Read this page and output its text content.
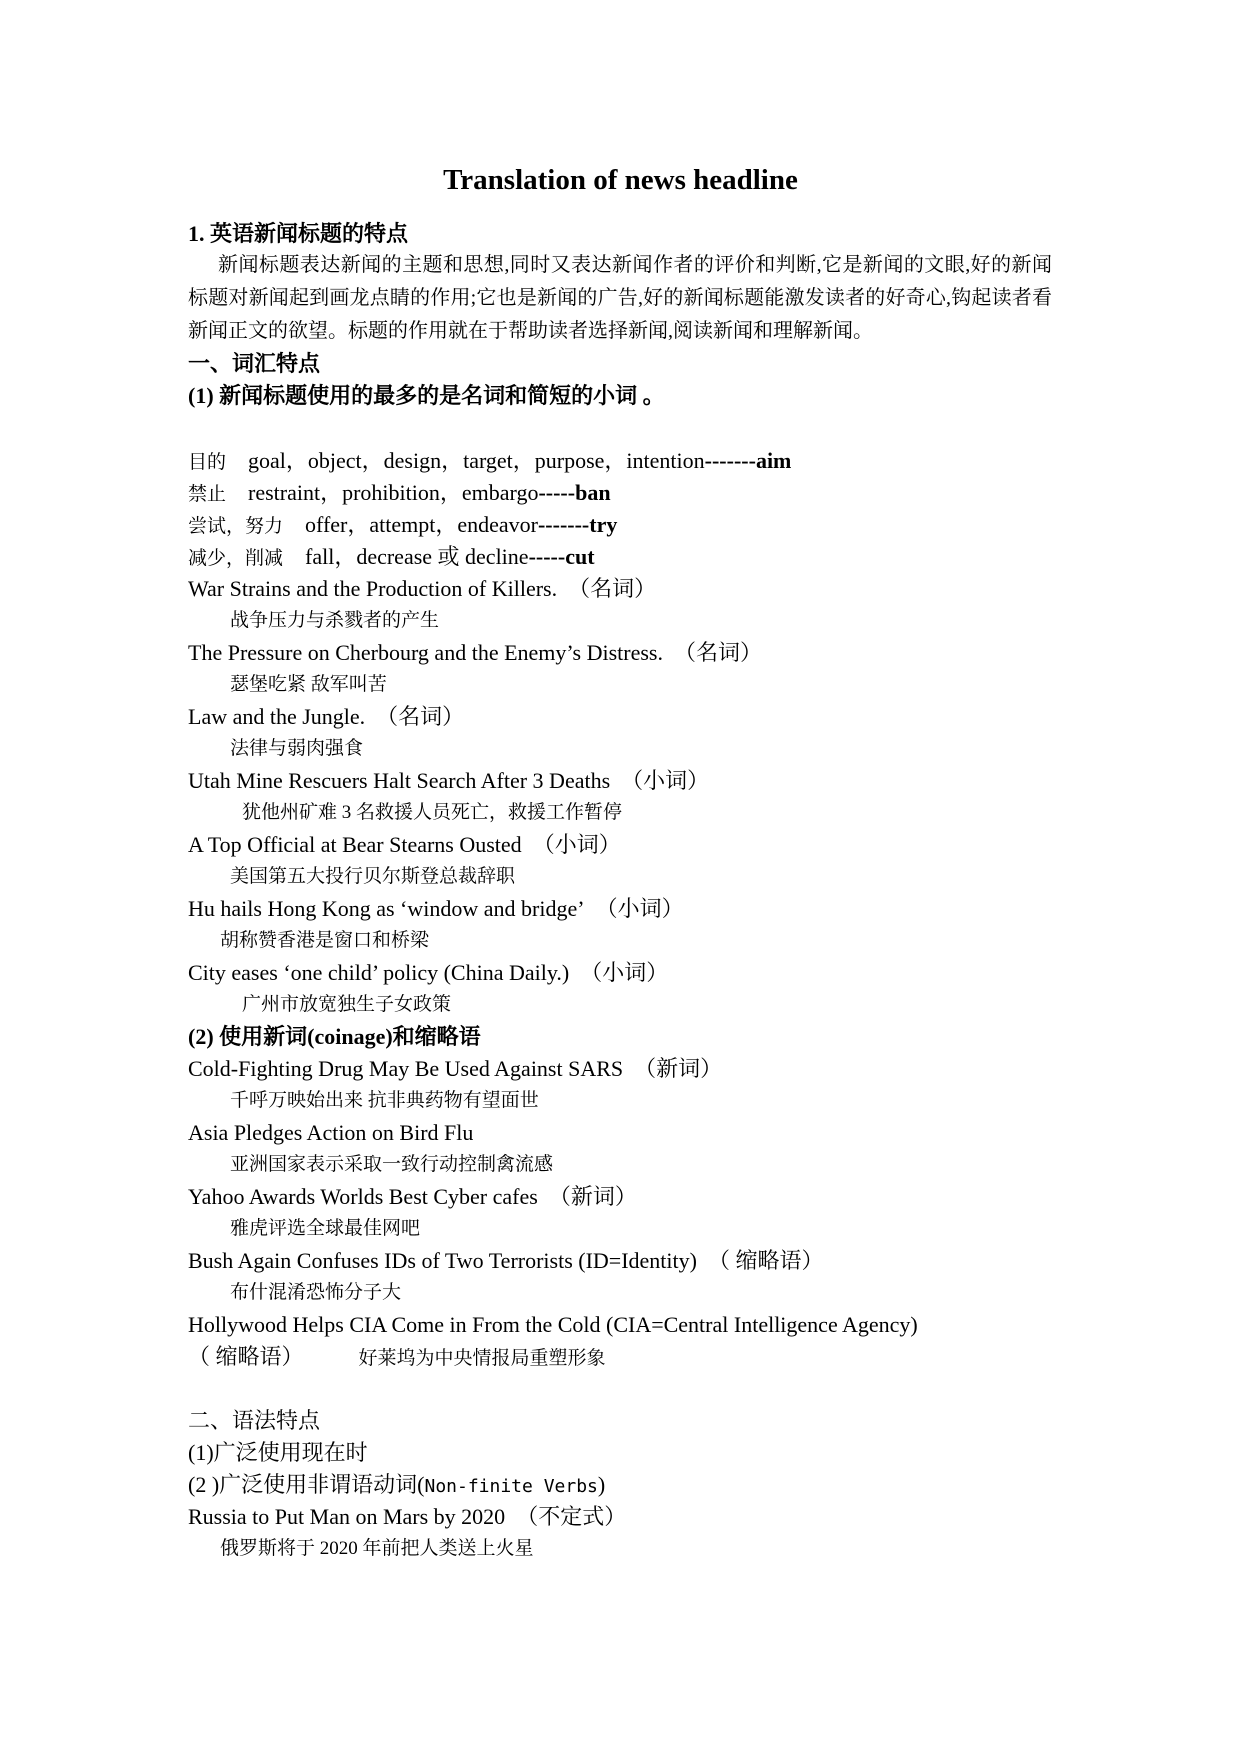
Translation of news headline
1. 英语新闻标题的特点
新闻标题表达新闻的主题和思想,同时又表达新闻作者的评价和判断,它是新闻的文眼,好的新闻标题对新闻起到画龙点睛的作用;它也是新闻的广告,好的新闻标题能激发读者的好奇心,钩起读者看新闻正文的欲望。标题的作用就在于帮助读者选择新闻,阅读新闻和理解新闻。
一、词汇特点
(1) 新闻标题使用的最多的是名词和简短的小词 。
目的 goal，object，design，target，purpose，intention-------aim
禁止 restraint，prohibition，embargo-----ban
尝试，努力 offer，attempt，endeavor-------try
减少，削减 fall，decrease 或 decline-----cut
War Strains and the Production of Killers. （名词）
战争压力与杀戮者的产生
The Pressure on Cherbourg and the Enemy’s Distress. （名词）
瑟堡吃紧 敌军叫苦
Law and the Jungle. （名词）
法律与弱肉强食
Utah Mine Rescuers Halt Search After 3 Deaths （小词）
犹他州矿难 3 名救援人员死亡，救援工作暂停
A Top Official at Bear Stearns Ousted （小词）
美国第五大投行贝尔斯登总裁辞职
Hu hails Hong Kong as ‘window and bridge’ （小词）
胡称赞香港是窗口和桥梁
City eases ‘one child’ policy (China Daily.) （小词）
广州市放宽独生子女政策
(2) 使用新词(coinage)和缩略语
Cold-Fighting Drug May Be Used Against SARS （新词）
千呼万映始出来 抗非典药物有望面世
Asia Pledges Action on Bird Flu
亚洲国家表示采取一致行动控制禽流感
Yahoo Awards Worlds Best Cyber cafes （新词）
雅虎评选全球最佳网吧
Bush Again Confuses IDs of Two Terrorists (ID=Identity) （ 缩略语）
布什混淆恐怖分子大
Hollywood Helps CIA Come in From the Cold (CIA=Central Intelligence Agency)
（ 缩略语）	好莱坞为中央情报局重塑形象
二、语法特点
(1)广泛使用现在时
(2 )广泛使用非谓语动词(Non-finite Verbs)
Russia to Put Man on Mars by 2020 （不定式）
俄罗斯将于 2020 年前把人类送上火星
